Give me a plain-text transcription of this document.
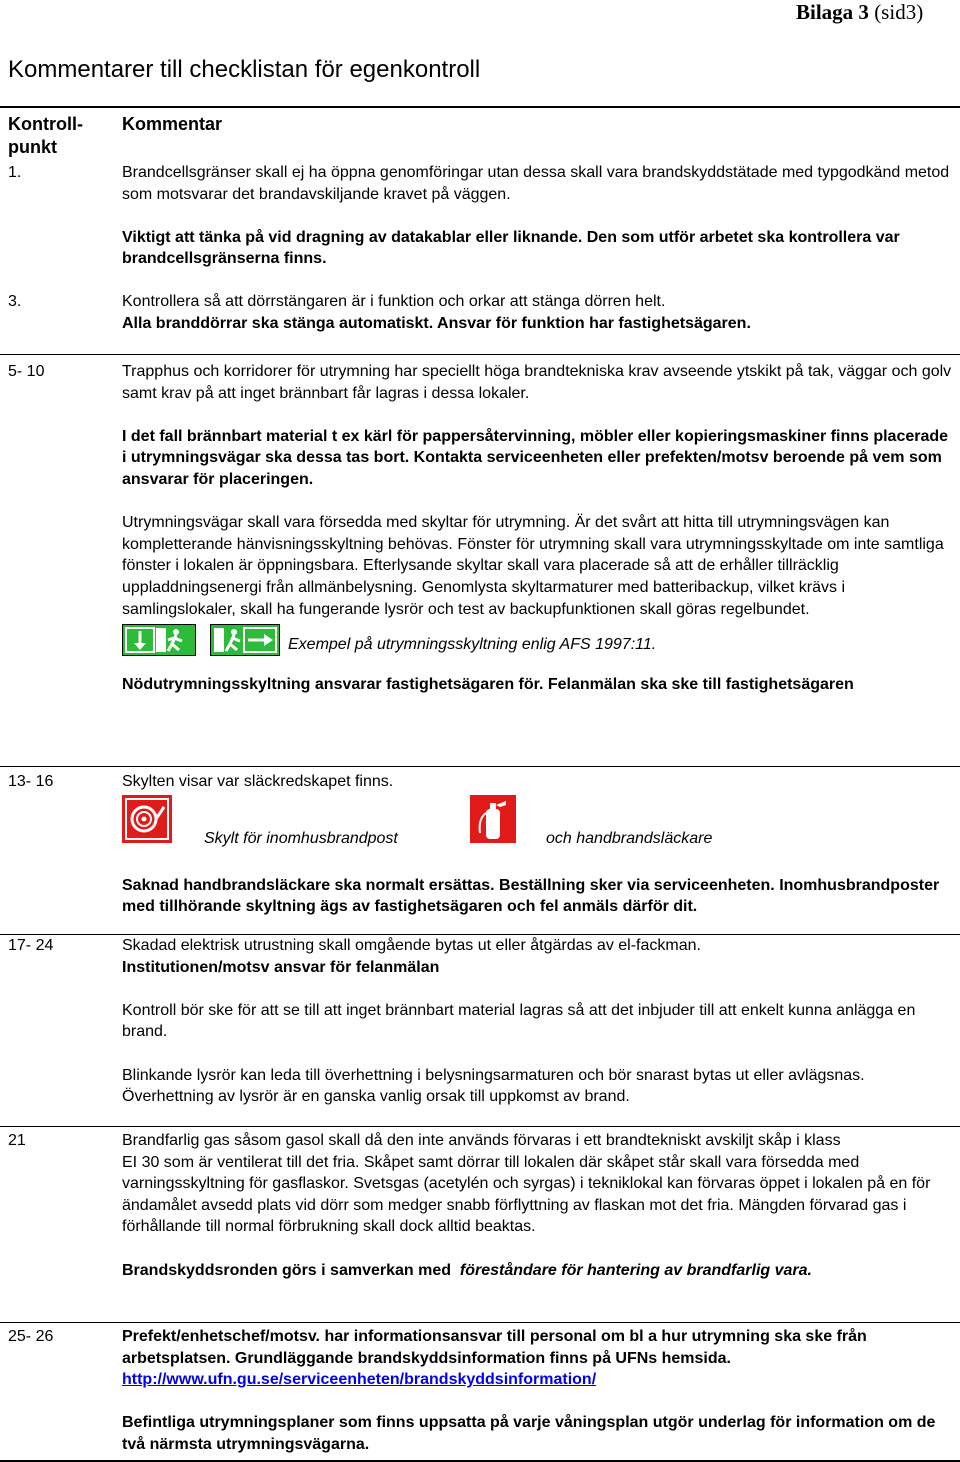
Bilaga 3 (sid3)
Kommentarer till checklistan för egenkontroll
Kontroll-
punkt
Kommentar
1.	Brandcellsgränser skall ej ha öppna genomföringar utan dessa skall vara brandskyddstätade med typgodkänd metod som motsvarar det brandavskiljande kravet på väggen.

Viktigt att tänka på vid dragning av datakablar eller liknande. Den som utför arbetet ska kontrollera var brandcellsgränserna finns.

3.	Kontrollera så att dörrstängaren är i funktion och orkar att stänga dörren helt.

Alla branddörrar ska stänga automatiskt. Ansvar för funktion har fastighetsägaren.

5- 10	Trapphus och korridorer för utrymning har speciellt höga brandtekniska krav avseende ytskikt på tak, väggar och golv samt krav på att inget brännbart får lagras i dessa lokaler.

I det fall brännbart material t ex kärl för pappersåtervinning, möbler eller kopieringsmaskiner finns placerade i utrymningsvägar ska dessa tas bort. Kontakta serviceenheten eller prefekten/motsv beroende på vem som ansvarar för placeringen.

Utrymningsvägar skall vara försedda med skyltar för utrymning. Är det svårt att hitta till utrymningsvägen kan kompletterande hänvisningsskyltning behövas. Fönster för utrymning skall vara utrymningsskyltade om inte samtliga fönster i lokalen är öppningsbara. Efterlysande skyltar skall vara placerade så att de erhåller tillräcklig uppladdningsenergi från allmänbelysning. Genomlysta skyltarmaturer med batteribackup, vilket krävs i samlingslokaler, skall ha fungerande lysrör och test av backupfunktionen skall göras regelbundet.

Exempel på utrymningsskyltning enlig AFS 1997:11.

Nödutrymningsskyltning ansvarar fastighetsägaren för. Felanmälan ska ske till fastighetsägaren

13- 16	Skylten visar var släckredskapet finns.

Skylt för inomhusbrandpost	och handbrandsläckare

Saknad handbrandsläckare ska normalt ersättas. Beställning sker via serviceenheten. Inomhusbrandposter med tillhörande skyltning ägs av fastighetsägaren och fel anmäls därför dit.

17- 24	Skadad elektrisk utrustning skall omgående bytas ut eller åtgärdas av el-fackman.

Institutionen/motsv ansvar för felanmälan

Kontroll bör ske för att se till att inget brännbart material lagras så att det inbjuder till att enkelt kunna anlägga en brand.

Blinkande lysrör kan leda till överhettning i belysningsarmaturen och bör snarast bytas ut eller avlägsnas. Överhettning av lysrör är en ganska vanlig orsak till uppkomst av brand.

21	Brandfarlig gas såsom gasol skall då den inte används förvaras i ett brandtekniskt avskiljt skåp i klass

EI 30 som är ventilerat till det fria. Skåpet samt dörrar till lokalen där skåpet står skall vara försedda med varningsskyltning för gasflaskor. Svetsgas (acetylén och syrgas) i tekniklokal kan förvaras öppet i lokalen på en för ändamålet avsedd plats vid dörr som medger snabb förflyttning av flaskan mot det fria. Mängden förvarad gas i förhållande till normal förbrukning skall dock alltid beaktas.

Brandskyddsronden görs i samverkan med föreståndare för hantering av brandfarlig vara.

25- 26	Prefekt/enhetschef/motsv. har informationsansvar till personal om bl a hur utrymning ska ske från arbetsplatsen. Grundläggande brandskyddsinformation finns på UFNs hemsida.

http://www.ufn.gu.se/serviceenheten/brandskyddsinformation/

Befintliga utrymningsplaner som finns uppsatta på varje våningsplan utgör underlag för information om de två närmsta utrymningsvägarna.
